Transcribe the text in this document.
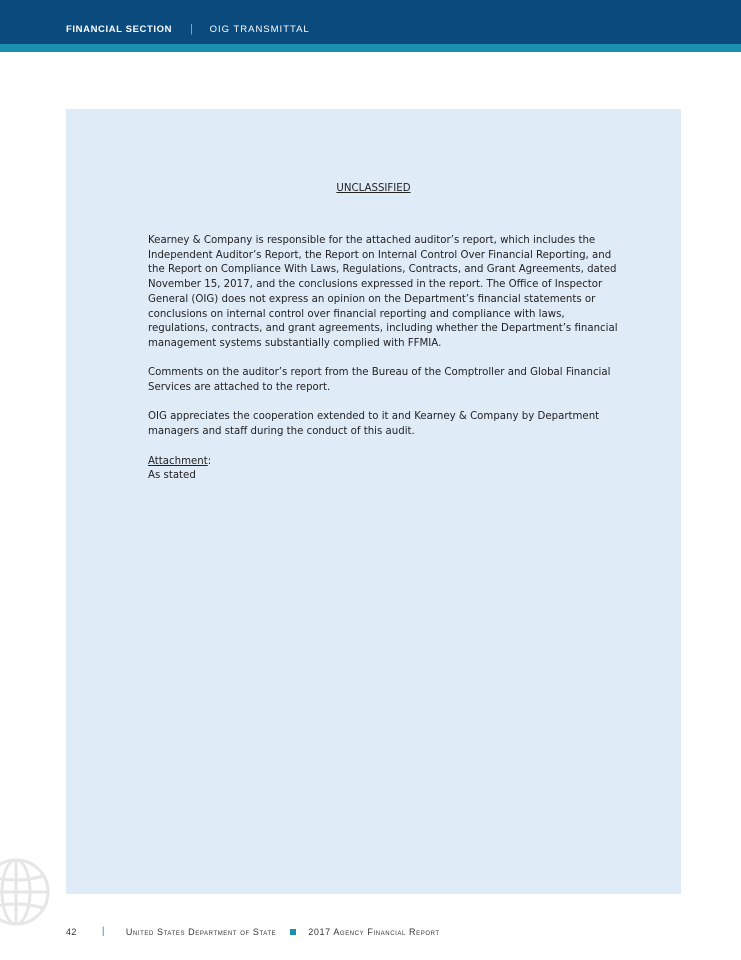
FINANCIAL SECTION | OIG TRANSMITTAL
UNCLASSIFIED

Kearney & Company is responsible for the attached auditor’s report, which includes the Independent Auditor’s Report, the Report on Internal Control Over Financial Reporting, and the Report on Compliance With Laws, Regulations, Contracts, and Grant Agreements, dated November 15, 2017, and the conclusions expressed in the report. The Office of Inspector General (OIG) does not express an opinion on the Department’s financial statements or conclusions on internal control over financial reporting and compliance with laws, regulations, contracts, and grant agreements, including whether the Department’s financial management systems substantially complied with FFMIA.

Comments on the auditor’s report from the Bureau of the Comptroller and Global Financial Services are attached to the report.

OIG appreciates the cooperation extended to it and Kearney & Company by Department managers and staff during the conduct of this audit.

Attachment:
As stated
42	| United States Department of State	2017 Agency Financial Report
